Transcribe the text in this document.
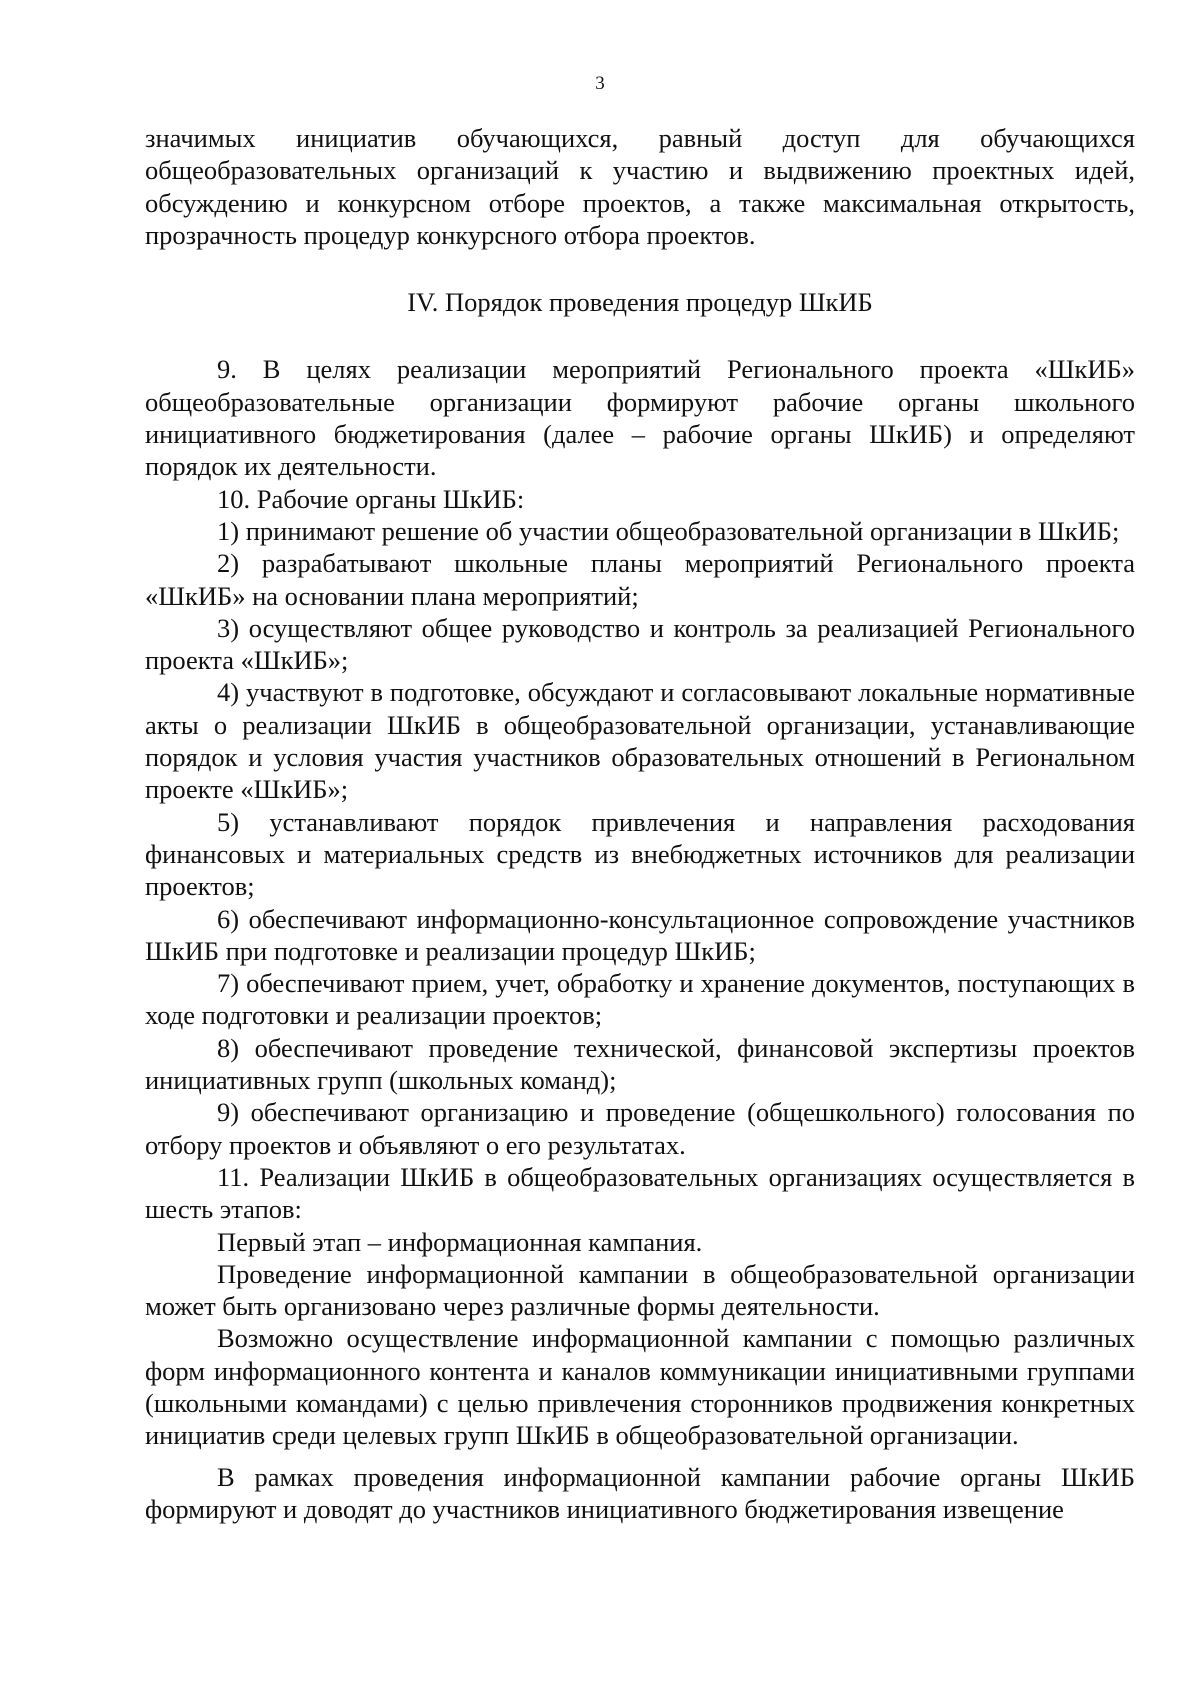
3

значимых инициатив обучающихся, равный доступ для обучающихся общеобразовательных организаций к участию и выдвижению проектных идей, обсуждению и конкурсном отборе проектов, а также максимальная открытость, прозрачность процедур конкурсного отбора проектов.

IV. Порядок проведения процедур ШкИБ

9. В целях реализации мероприятий Регионального проекта «ШкИБ» общеобразовательные организации формируют рабочие органы школьного инициативного бюджетирования (далее – рабочие органы ШкИБ) и определяют порядок их деятельности.

10. Рабочие органы ШкИБ:

1) принимают решение об участии общеобразовательной организации в ШкИБ;

2) разрабатывают школьные планы мероприятий Регионального проекта «ШкИБ» на основании плана мероприятий;

3) осуществляют общее руководство и контроль за реализацией Регионального проекта «ШкИБ»;

4) участвуют в подготовке, обсуждают и согласовывают локальные нормативные акты о реализации ШкИБ в общеобразовательной организации, устанавливающие порядок и условия участия участников образовательных отношений в Региональном проекте «ШкИБ»;

5) устанавливают порядок привлечения и направления расходования финансовых и материальных средств из внебюджетных источников для реализации проектов;

6) обеспечивают информационно-консультационное сопровождение участников ШкИБ при подготовке и реализации процедур ШкИБ;

7) обеспечивают прием, учет, обработку и хранение документов, поступающих в ходе подготовки и реализации проектов;

8) обеспечивают проведение технической, финансовой экспертизы проектов инициативных групп (школьных команд);

9) обеспечивают организацию и проведение (общешкольного) голосования по отбору проектов и объявляют о его результатах.

11. Реализации ШкИБ в общеобразовательных организациях осуществляется в шесть этапов:

Первый этап – информационная кампания.

Проведение информационной кампании в общеобразовательной организации может быть организовано через различные формы деятельности.

Возможно осуществление информационной кампании с помощью различных форм информационного контента и каналов коммуникации инициативными группами (школьными командами) с целью привлечения сторонников продвижения конкретных инициатив среди целевых групп ШкИБ в общеобразовательной организации.

В рамках проведения информационной кампании рабочие органы ШкИБ формируют и доводят до участников инициативного бюджетирования извещение
